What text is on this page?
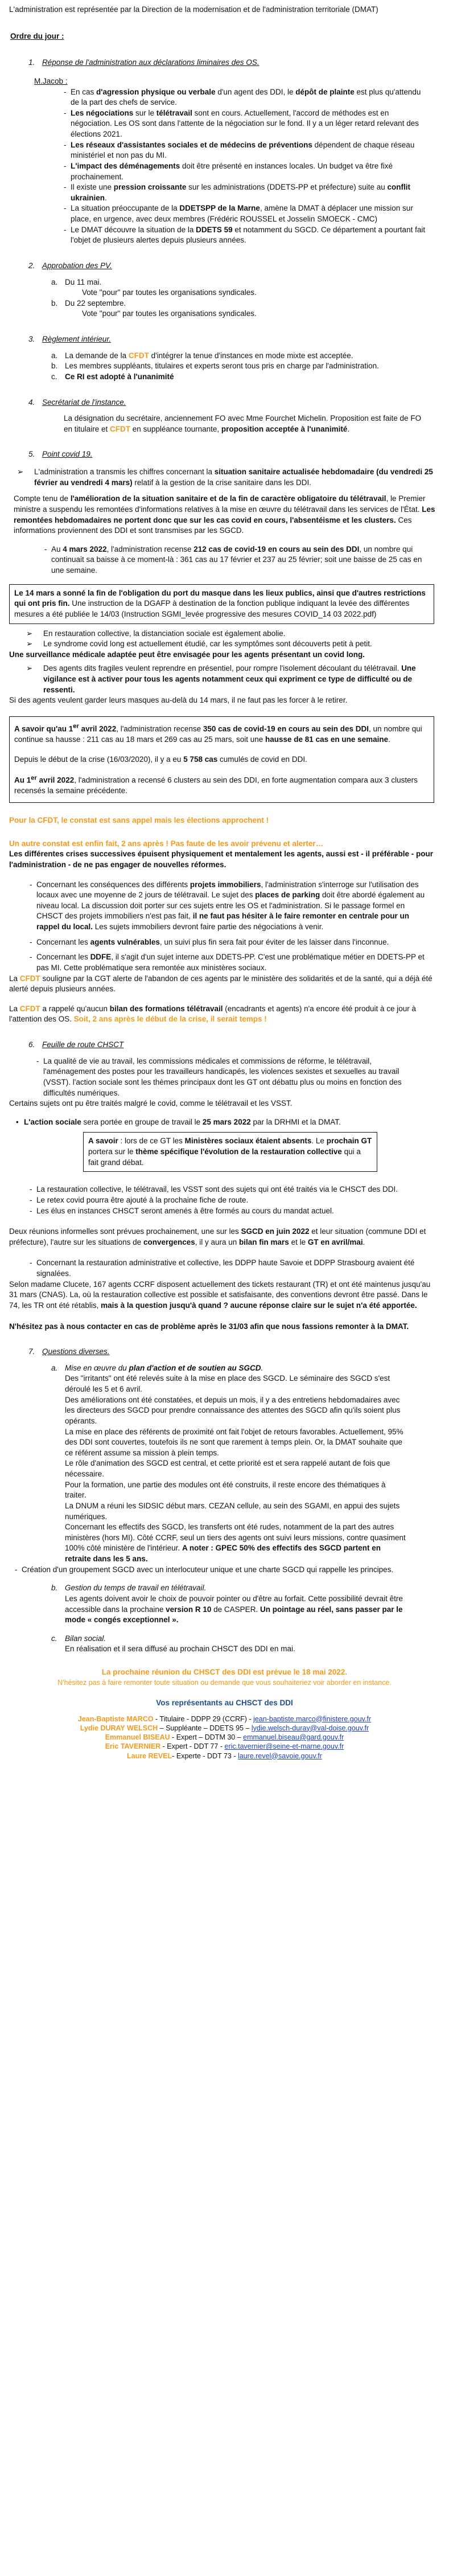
L'administration est représentée par la Direction de la modernisation et de l'administration territoriale (DMAT)

Ordre du jour :

1. Réponse de l'administration aux déclarations liminaires des OS.

M.Jacob :

- En cas d'agression physique ou verbale d'un agent des DDI, le dépôt de plainte est plus qu'attendu de la part des chefs de service.

- Les négociations sur le télétravail sont en cours. Actuellement, l'accord de méthodes est en négociation. Les OS sont dans l'attente de la négociation sur le fond. Il y a un léger retard relevant des élections 2021.

- Les réseaux d'assistantes sociales et de médecins de préventions dépendent de chaque réseau ministériel et non pas du MI.

- L'impact des déménagements doit être présenté en instances locales. Un budget va être fixé prochainement.

- Il existe une pression croissante sur les administrations (DDETS-PP et préfecture) suite au conflit ukrainien.

- La situation préoccupante de la DDETSPP de la Marne, amène la DMAT à déplacer une mission sur place, en urgence, avec deux membres (Frédéric ROUSSEL et Josselin SMOECK - CMC)

- Le DMAT découvre la situation de la DDETS 59 et notamment du SGCD. Ce département a pourtant fait l'objet de plusieurs alertes depuis plusieurs années.

2. Approbation des PV.

a. Du 11 mai.

Vote "pour" par toutes les organisations syndicales.

b. Du 22 septembre.

Vote "pour" par toutes les organisations syndicales.

3. Règlement intérieur.

a. La demande de la CFDT d'intégrer la tenue d'instances en mode mixte est acceptée.

b. Les membres suppléants, titulaires et experts seront tous pris en charge par l'administration.

c. Ce RI est adopté à l'unanimité

4. Secrétariat de l'instance.

La désignation du secrétaire, anciennement FO avec Mme Fourchet Michelin. Proposition est faite de FO en titulaire et CFDT en suppléance tournante, proposition acceptée à l'unanimité.

5. Point covid 19.

➢ L'administration a transmis les chiffres concernant la situation sanitaire actualisée hebdomadaire (du vendredi 25 février au vendredi 4 mars) relatif à la gestion de la crise sanitaire dans les DDI.

Compte tenu de l'amélioration de la situation sanitaire et de la fin de caractère obligatoire du télétravail, le Premier ministre a suspendu les remontées d'informations relatives à la mise en œuvre du télétravail dans les services de l'État. Les remontées hebdomadaires ne portent donc que sur les cas covid en cours, l'absentéisme et les clusters. Ces informations proviennent des DDI et sont transmises par les SGCD.

- Au 4 mars 2022, l'administration recense 212 cas de covid-19 en cours au sein des DDI, un nombre qui continuait sa baisse à ce moment-là : 361 cas au 17 février et 237 au 25 février; soit une baisse de 25 cas en une semaine.

Le 14 mars a sonné la fin de l'obligation du port du masque dans les lieux publics, ainsi que d'autres restrictions qui ont pris fin. Une instruction de la DGAFP à destination de la fonction publique indiquant la levée des différentes mesures a été publiée le 14/03 (Instruction SGMI_levée progressive des mesures COVID_14 03 2022.pdf)

➢ En restauration collective, la distanciation sociale est également abolie.

➢ Le syndrome covid long est actuellement étudié, car les symptômes sont découverts petit à petit.

Une surveillance médicale adaptée peut être envisagée pour les agents présentant un covid long.

➢ Des agents dits fragiles veulent reprendre en présentiel, pour rompre l'isolement découlant du télétravail. Une vigilance est à activer pour tous les agents notamment ceux qui expriment ce type de difficulté ou de ressenti.

Si des agents veulent garder leurs masques au-delà du 14 mars, il ne faut pas les forcer à le retirer.

A savoir qu'au 1er avril 2022, l'administration recense 350 cas de covid-19 en cours au sein des DDI, un nombre qui continue sa hausse : 211 cas au 18 mars et 269 cas au 25 mars, soit une hausse de 81 cas en une semaine.

Depuis le début de la crise (16/03/2020), il y a eu 5 758 cas cumulés de covid en DDI.

Au 1er avril 2022, l'administration a recensé 6 clusters au sein des DDI, en forte augmentation compara aux 3 clusters recensés la semaine précédente.

Pour la CFDT, le constat est sans appel mais les élections approchent !

Un autre constat est enfin fait, 2 ans après ! Pas faute de les avoir prévenu et alerter…

Les différentes crises successives épuisent physiquement et mentalement les agents, aussi est - il préférable - pour l'administration - de ne pas engager de nouvelles réformes.

- Concernant les conséquences des différents projets immobiliers, l'administration s'interroge sur l'utilisation des locaux avec une moyenne de 2 jours de télétravail. Le sujet des places de parking doit être abordé également au niveau local. La discussion doit porter sur ces sujets entre les OS et l'administration. Si le passage formel en CHSCT des projets immobiliers n'est pas fait, il ne faut pas hésiter à le faire remonter en centrale pour un rappel du local. Les sujets immobiliers devront faire partie des négociations à venir.

- Concernant les agents vulnérables, un suivi plus fin sera fait pour éviter de les laisser dans l'inconnue.

- Concernant les DDFE, il s'agit d'un sujet interne aux DDETS-PP. C'est une problématique métier en DDETS-PP et pas MI. Cette problématique sera remontée aux ministères sociaux.

La CFDT souligne par la CGT alerte de l'abandon de ces agents par le ministère des solidarités et de la santé, qui a déjà été alerté depuis plusieurs années.

La CFDT a rappelé qu'aucun bilan des formations télétravail (encadrants et agents) n'a encore été produit à ce jour à l'attention des OS. Soit, 2 ans après le début de la crise, il serait temps !

6. Feuille de route CHSCT

- La qualité de vie au travail, les commissions médicales et commissions de réforme, le télétravail, l'aménagement des postes pour les travailleurs handicapés, les violences sexistes et sexuelles au travail (VSST). l'action sociale sont les thèmes principaux dont les GT ont débattu plus ou moins en fonction des difficultés numériques.

Certains sujets ont pu être traités malgré le covid, comme le télétravail et les VSST.

• L'action sociale sera portée en groupe de travail le 25 mars 2022 par la DRHMI et la DMAT.

A savoir : lors de ce GT les Ministères sociaux étaient absents. Le prochain GT portera sur le thème spécifique l'évolution de la restauration collective qui a fait grand débat.

- La restauration collective, le télétravail, les VSST sont des sujets qui ont été traités via le CHSCT des DDI.

- Le retex covid pourra être ajouté à la prochaine fiche de route.

- Les élus en instances CHSCT seront amenés à être formés au cours du mandat actuel.

Deux réunions informelles sont prévues prochainement, une sur les SGCD en juin 2022 et leur situation (commune DDI et préfecture), l'autre sur les situations de convergences, il y aura un bilan fin mars et le GT en avril/mai.

- Concernant la restauration administrative et collective, les DDPP haute Savoie et DDPP Strasbourg avaient été signalées.

Selon madame Clucete, 167 agents CCRF disposent actuellement des tickets restaurant (TR) et ont été maintenus jusqu'au 31 mars (CNAS). La, où la restauration collective est possible et satisfaisante, des conventions devront être passé. Dans le 74, les TR ont été rétablis, mais à la question jusqu'à quand ? aucune réponse claire sur le sujet n'a été apportée.

N'hésitez pas à nous contacter en cas de problème après le 31/03 afin que nous fassions remonter à la DMAT.

7. Questions diverses.

a. Mise en œuvre du plan d'action et de soutien au SGCD.

Des "irritants" ont été relevés suite à la mise en place des SGCD. Le séminaire des SGCD s'est déroulé les 5 et 6 avril.

Des améliorations ont été constatées, et depuis un mois, il y a des entretiens hebdomadaires avec les directeurs des SGCD pour prendre connaissance des attentes des SGCD afin qu'ils soient plus opérants.

La mise en place des référents de proximité ont fait l'objet de retours favorables. Actuellement, 95% des DDI sont couvertes, toutefois ils ne sont que rarement à temps plein. Or, la DMAT souhaite que ce référent assume sa mission à plein temps.

Le rôle d'animation des SGCD est central, et cette priorité est et sera rappelé autant de fois que nécessaire.

Pour la formation, une partie des modules ont été construits, il reste encore des thématiques à traiter.

La DNUM a réuni les SIDSIC début mars. CEZAN cellule, au sein des SGAMI, en appui des sujets numériques.

Concernant les effectifs des SGCD, les transferts ont été rudes, notamment de la part des autres ministères (hors MI). Côté CCRF, seul un tiers des agents ont suivi leurs missions, contre quasiment 100% côté ministère de l'intérieur. A noter : GPEC 50% des effectifs des SGCD partent en retraite dans les 5 ans.

- Création d'un groupement SGCD avec un interlocuteur unique et une charte SGCD qui rappelle les principes.

b. Gestion du temps de travail en télétravail.

Les agents doivent avoir le choix de pouvoir pointer ou d'être au forfait. Cette possibilité devrait être accessible dans la prochaine version R 10 de CASPER. Un pointage au réel, sans passer par le mode « congés exceptionnel ».

c. Bilan social.

En réalisation et il sera diffusé au prochain CHSCT des DDI en mai.

La prochaine réunion du CHSCT des DDI est prévue le 18 mai 2022.

N'hésitez pas à faire remonter toute situation ou demande que vous souhaiteriez voir aborder en instance.

Vos représentants au CHSCT des DDI

Jean-Baptiste MARCO - Titulaire - DDPP 29 (CCRF) - jean-baptiste.marco@finistere.gouv.fr

Lydie DURAY WELSCH – Suppléante – DDETS 95 – lydie.welsch-duray@val-doise.gouv.fr

Emmanuel BISEAU - Expert – DDTM 30 – emmanuel.biseau@gard.gouv.fr

Eric TAVERNIER - Expert - DDT 77 - eric.tavernier@seine-et-marne.gouv.fr

Laure REVEL- Experte - DDT 73 - laure.revel@savoie.gouv.fr
